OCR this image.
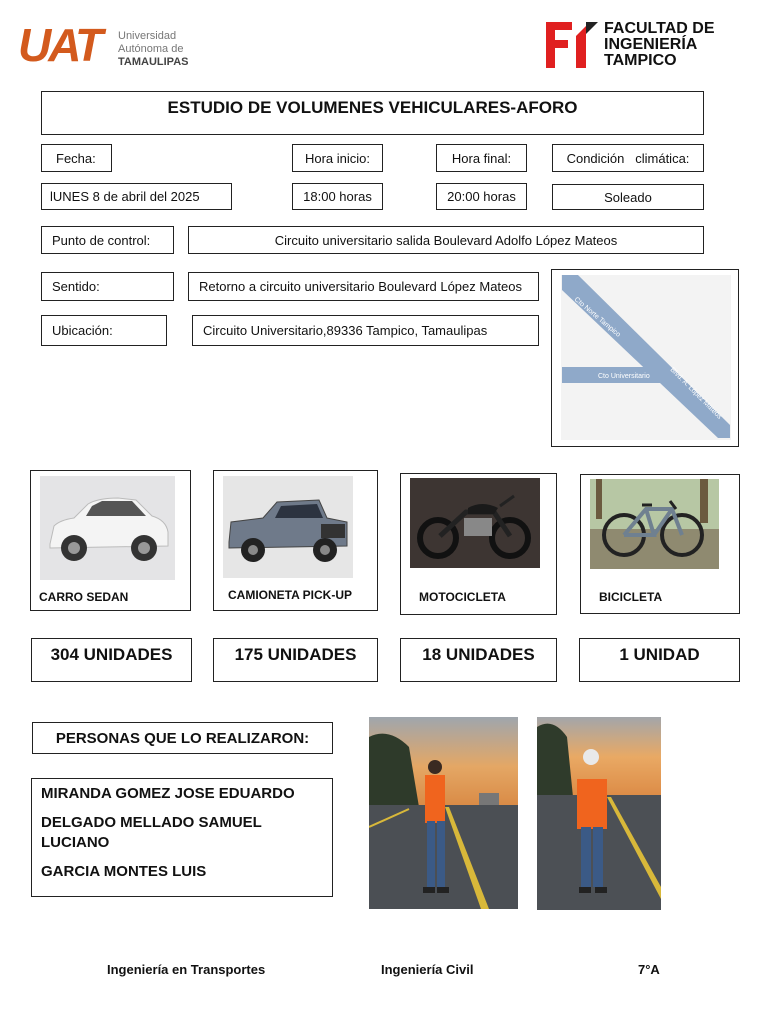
UAT Universidad
Autónoma de
TAMAULIPAS
FACULTAD DE
INGENIERÍA
TAMPICO
ESTUDIO DE VOLUMENES VEHICULARES-AFORO
Fecha:	Hora inicio:	Hora final:	Condición   climática:
lUNES 8 de abril del 2025	18:00 horas	20:00 horas	Soleado
Punto de control:	Circuito universitario salida Boulevard Adolfo López Mateos
Sentido:	Retorno a circuito universitario Boulevard López Mateos
Ubicación:	Circuito Universitario,89336 Tampico, Tamaulipas	Cto Norte Tampico
Cto Universitario	Blvd. A. López Mateos
CARRO SEDAN	CAMIONETA PICK-UP	MOTOCICLETA	BICICLETA
304 UNIDADES	175 UNIDADES	18 UNIDADES	1 UNIDAD
PERSONAS QUE LO REALIZARON:
MIRANDA GOMEZ JOSE EDUARDO
DELGADO MELLADO SAMUEL LUCIANO
GARCIA MONTES LUIS
Ingeniería en Transportes	Ingeniería Civil	7°A
